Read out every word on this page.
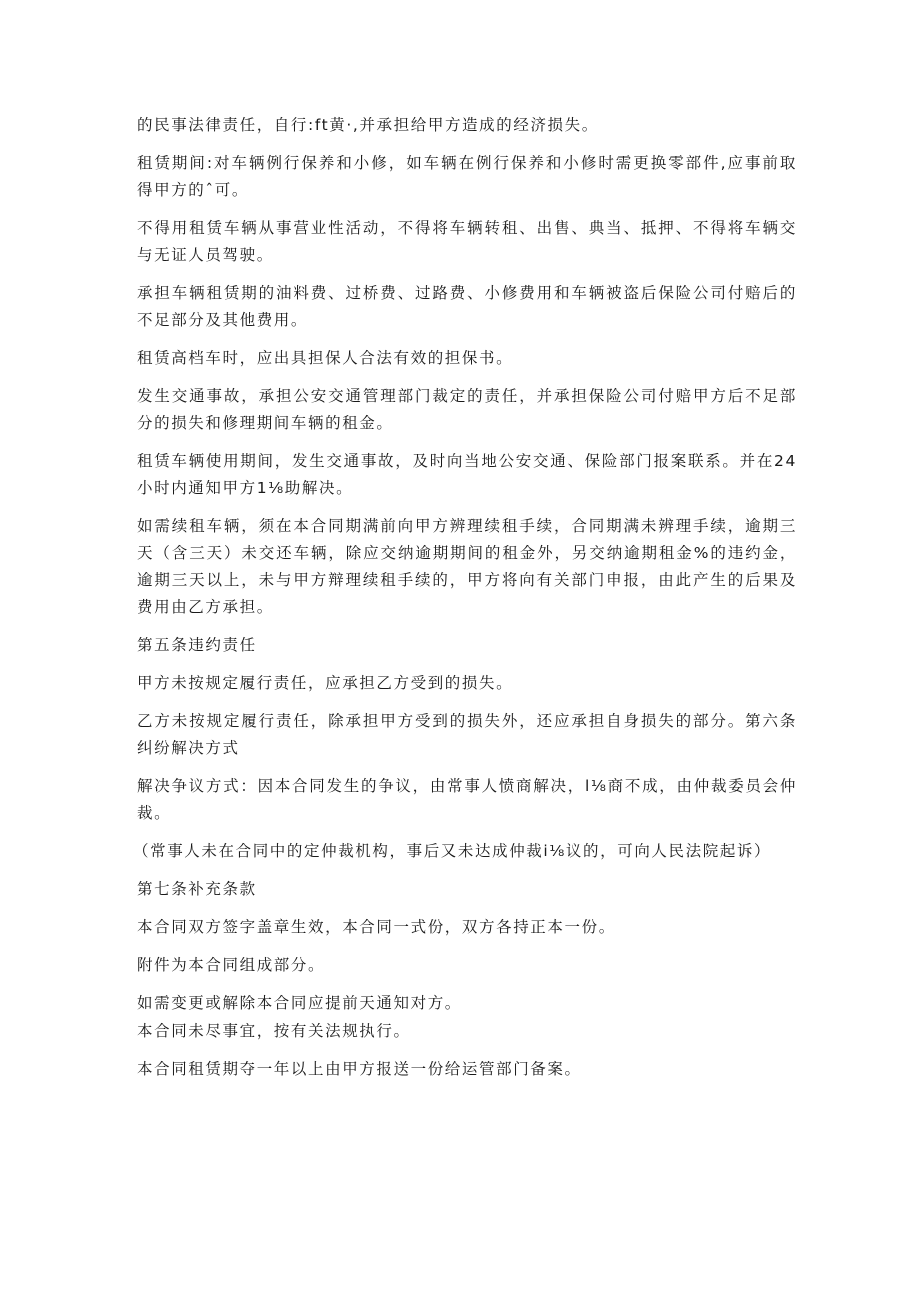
的民事法律责任，自行:ft黄·,并承担给甲方造成的经济损失。

租赁期间:对车辆例行保养和小修，如车辆在例行保养和小修时需更换零部件,应事前取得甲方的ˆ可。

不得用租赁车辆从事营业性活动，不得将车辆转租、出售、典当、抵押、不得将车辆交与无证人员驾驶。

承担车辆租赁期的油料费、过桥费、过路费、小修费用和车辆被盗后保险公司付赔后的不足部分及其他费用。

租赁高档车时，应出具担保人合法有效的担保书。

发生交通事故，承担公安交通管理部门裁定的责任，并承担保险公司付赔甲方后不足部分的损失和修理期间车辆的租金。

租赁车辆使用期间，发生交通事故，及时向当地公安交通、保险部门报案联系。并在24小时内通知甲方1⅛助解决。

如需续租车辆，须在本合同期满前向甲方辨理续租手续，合同期满未辨理手续，逾期三天（含三天）未交还车辆，除应交纳逾期期间的租金外，另交纳逾期租金%的违约金，逾期三天以上，未与甲方辩理续租手续的，甲方将向有关部门申报，由此产生的后果及费用由乙方承担。

第五条违约责任

甲方未按规定履行责任，应承担乙方受到的损失。

乙方未按规定履行责任，除承担甲方受到的损失外，还应承担自身损失的部分。第六条纠纷解决方式

解决争议方式：因本合同发生的争议，由常事人愤商解决，l⅛商不成，由仲裁委员会仲裁。

（常事人未在合同中的定仲裁机构，事后又未达成仲裁i⅛议的，可向人民法院起诉）

第七条补充条款

本合同双方签字盖章生效，本合同一式份，双方各持正本一份。

附件为本合同组成部分。

如需变更或解除本合同应提前天通知对方。

本合同未尽事宜，按有关法规执行。

本合同租赁期夺一年以上由甲方报送一份给运管部门备案。
